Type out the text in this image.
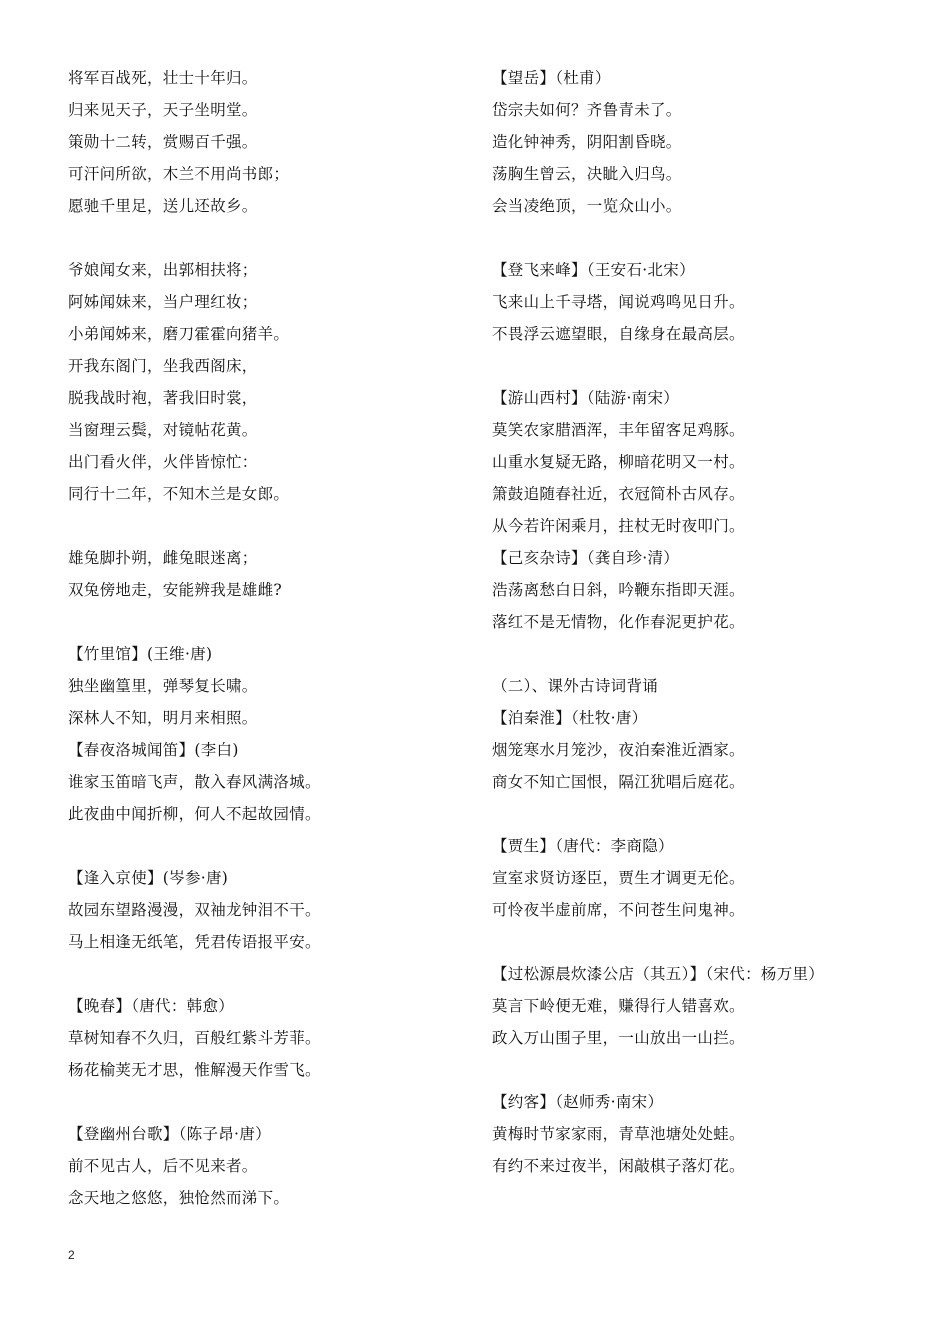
将军百战死，壮士十年归。
归来见天子，天子坐明堂。
策勋十二转，赏赐百千强。
可汗问所欲，木兰不用尚书郎；
愿驰千里足，送儿还故乡。
爷娘闻女来，出郭相扶将；
阿姊闻妹来，当户理红妆；
小弟闻姊来，磨刀霍霍向猪羊。
开我东阁门，坐我西阁床，
脱我战时袍，著我旧时裳，
当窗理云鬓，对镜帖花黄。
出门看火伴，火伴皆惊忙：
同行十二年，不知木兰是女郎。
雄兔脚扑朔，雌兔眼迷离；
双兔傍地走，安能辨我是雄雌?
【竹里馆】(王维·唐)
独坐幽篁里，弹琴复长啸。
深林人不知，明月来相照。
【春夜洛城闻笛】(李白)
谁家玉笛暗飞声，散入春风满洛城。
此夜曲中闻折柳，何人不起故园情。
【逢入京使】(岑参·唐)
故园东望路漫漫，双袖龙钟泪不干。
马上相逢无纸笔，凭君传语报平安。
【晚春】（唐代：韩愈）
草树知春不久归，百般红紫斗芳菲。
杨花榆荚无才思，惟解漫天作雪飞。
【登幽州台歌】（陈子昂·唐）
前不见古人，后不见来者。
念天地之悠悠，独怆然而涕下。
【望岳】（杜甫）
岱宗夫如何？齐鲁青未了。
造化钟神秀，阴阳割昏晓。
荡胸生曾云，决眦入归鸟。
会当凌绝顶，一览众山小。
【登飞来峰】（王安石·北宋）
飞来山上千寻塔，闻说鸡鸣见日升。
不畏浮云遮望眼，自缘身在最高层。
【游山西村】（陆游·南宋）
莫笑农家腊酒浑，丰年留客足鸡豚。
山重水复疑无路，柳暗花明又一村。
箫鼓追随春社近，衣冠简朴古风存。
从今若许闲乘月，拄杖无时夜叩门。
【己亥杂诗】（龚自珍·清）
浩荡离愁白日斜，吟鞭东指即天涯。
落红不是无情物，化作春泥更护花。
（二）、课外古诗词背诵
【泊秦淮】（杜牧·唐）
烟笼寒水月笼沙，夜泊秦淮近酒家。
商女不知亡国恨，隔江犹唱后庭花。
【贾生】（唐代：李商隐）
宣室求贤访逐臣，贾生才调更无伦。
可怜夜半虚前席，不问苍生问鬼神。
【过松源晨炊漆公店（其五）】（宋代：杨万里）
莫言下岭便无难，赚得行人错喜欢。
政入万山围子里，一山放出一山拦。
【约客】（赵师秀·南宋）
黄梅时节家家雨，青草池塘处处蛙。
有约不来过夜半，闲敲棋子落灯花。
2
